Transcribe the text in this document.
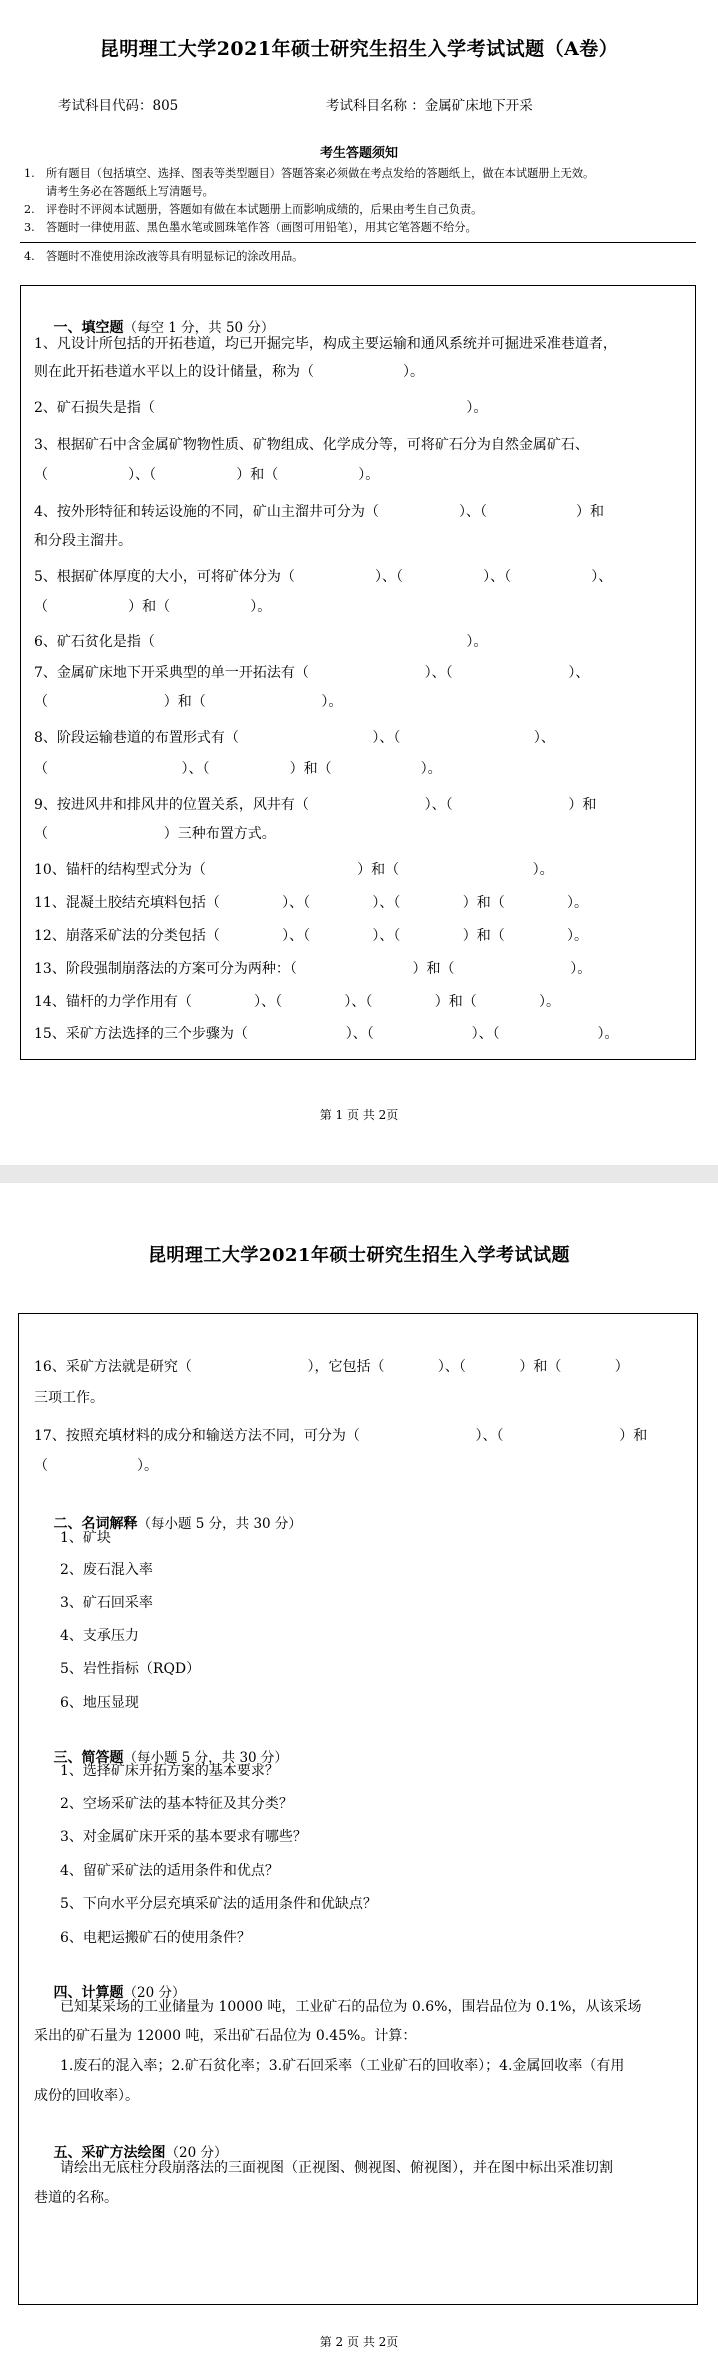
昆明理工大学2021年硕士研究生招生入学考试试题（A卷）
考试科目代码：805	考试科目名称 ：金属矿床地下开采
考生答题须知
1. 所有题目（包括填空、选择、图表等类型题目）答题答案必须做在考点发给的答题纸上，做在本试题册上无效。
请考生务必在答题纸上写清题号。
2. 评卷时不评阅本试题册，答题如有做在本试题册上而影响成绩的，后果由考生自己负责。
3. 答题时一律使用蓝、黑色墨水笔或圆珠笔作答（画图可用铅笔），用其它笔答题不给分。
4. 答题时不准使用涂改液等具有明显标记的涂改用品。

一、填空题（每空 1 分，共 50 分）

1、凡设计所包括的开拓巷道，均已开掘完毕，构成主要运输和通风系统并可掘进采准巷道者，
则在此开拓巷道水平以上的设计储量，称为（                    ）。
2、矿石损失是指（                                                                      ）。
3、根据矿石中含金属矿物物性质、矿物组成、化学成分等，可将矿石分为自然金属矿石、
（                  ）、（                  ）和（                  ）。
4、按外形特征和转运设施的不同，矿山主溜井可分为（                  ）、（                    ）和
和分段主溜井。
5、根据矿体厚度的大小，可将矿体分为（                  ）、（                  ）、（                  ）、
（                  ）和（                  ）。
6、矿石贫化是指（                                                                      ）。
7、金属矿床地下开采典型的单一开拓法有（                          ）、（                          ）、
（                          ）和（                          ）。
8、阶段运输巷道的布置形式有（                              ）、（                              ）、
（                              ）、（                  ）和（                    ）。
9、按进风井和排风井的位置关系，风井有（                          ）、（                          ）和
（                          ）三种布置方式。
10、锚杆的结构型式分为（                                  ）和（                              ）。
11、混凝土胶结充填料包括（              ）、（              ）、（              ）和（              ）。
12、崩落采矿法的分类包括（              ）、（              ）、（              ）和（              ）。
13、阶段强制崩落法的方案可分为两种：（                          ）和（                          ）。
14、锚杆的力学作用有（              ）、（              ）、（              ）和（              ）。
15、采矿方法选择的三个步骤为（                      ）、（                      ）、（                      ）。
第 1 页 共 2页
昆明理工大学2021年硕士研究生招生入学考试试题
16、采矿方法就是研究（                          ），它包括（            ）、（            ）和（            ）
三项工作。
17、按照充填材料的成分和输送方法不同，可分为（                          ）、（                          ）和
（                    ）。

二、名词解释（每小题 5 分，共 30 分）

1、矿块
2、废石混入率
3、矿石回采率
4、支承压力
5、岩性指标（RQD）
6、地压显现

三、简答题（每小题 5 分，共 30 分）

1、选择矿床开拓方案的基本要求？
2、空场采矿法的基本特征及其分类？
3、对金属矿床开采的基本要求有哪些？
4、留矿采矿法的适用条件和优点？
5、下向水平分层充填采矿法的适用条件和优缺点？
6、电耙运搬矿石的使用条件？

四、计算题（20 分）

已知某采场的工业储量为 10000 吨，工业矿石的品位为 0.6%，围岩品位为 0.1%，从该采场
采出的矿石量为 12000 吨，采出矿石品位为 0.45%。计算：
1.废石的混入率；2.矿石贫化率；3.矿石回采率（工业矿石的回收率）；4.金属回收率（有用
成份的回收率）。

五、采矿方法绘图（20 分）

请绘出无底柱分段崩落法的三面视图（正视图、侧视图、俯视图），并在图中标出采准切割
巷道的名称。
第 2 页 共 2页
